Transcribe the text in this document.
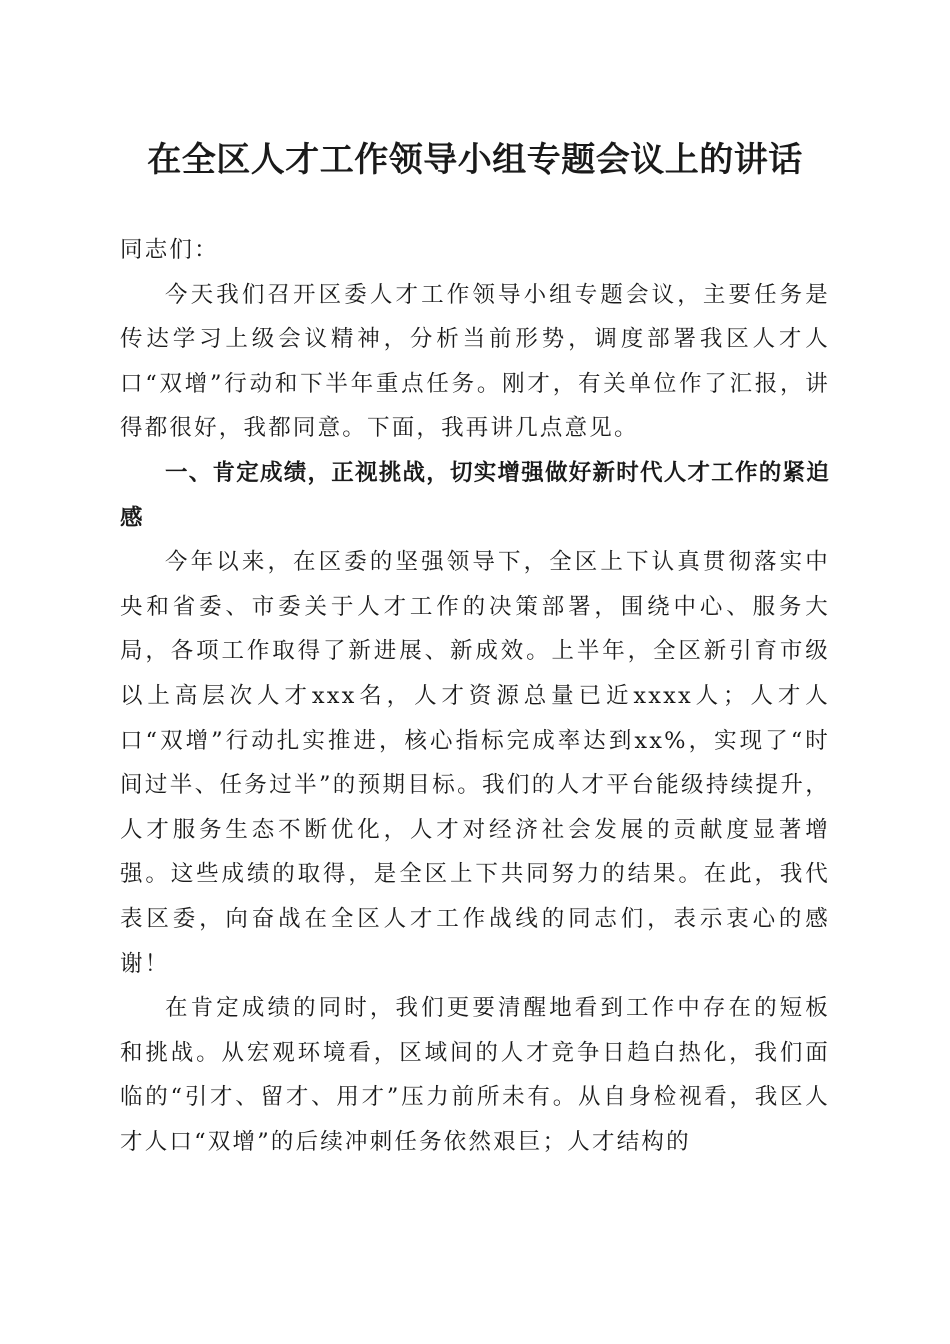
在全区人才工作领导小组专题会议上的讲话

同志们：

今天我们召开区委人才工作领导小组专题会议，主要任务是传达学习上级会议精神，分析当前形势，调度部署我区人才人口“双增”行动和下半年重点任务。刚才，有关单位作了汇报，讲得都很好，我都同意。下面，我再讲几点意见。

一、肯定成绩，正视挑战，切实增强做好新时代人才工作的紧迫感

今年以来，在区委的坚强领导下，全区上下认真贯彻落实中央和省委、市委关于人才工作的决策部署，围绕中心、服务大局，各项工作取得了新进展、新成效。上半年，全区新引育市级以上高层次人才xxx名，人才资源总量已近xxxx人；人才人口“双增”行动扎实推进，核心指标完成率达到xx%，实现了“时间过半、任务过半”的预期目标。我们的人才平台能级持续提升，人才服务生态不断优化，人才对经济社会发展的贡献度显著增强。这些成绩的取得，是全区上下共同努力的结果。在此，我代表区委，向奋战在全区人才工作战线的同志们，表示衷心的感谢！

在肯定成绩的同时，我们更要清醒地看到工作中存在的短板和挑战。从宏观环境看，区域间的人才竞争日趋白热化，我们面临的“引才、留才、用才”压力前所未有。从自身检视看，我区人才人口“双增”的后续冲刺任务依然艰巨；人才结构的
